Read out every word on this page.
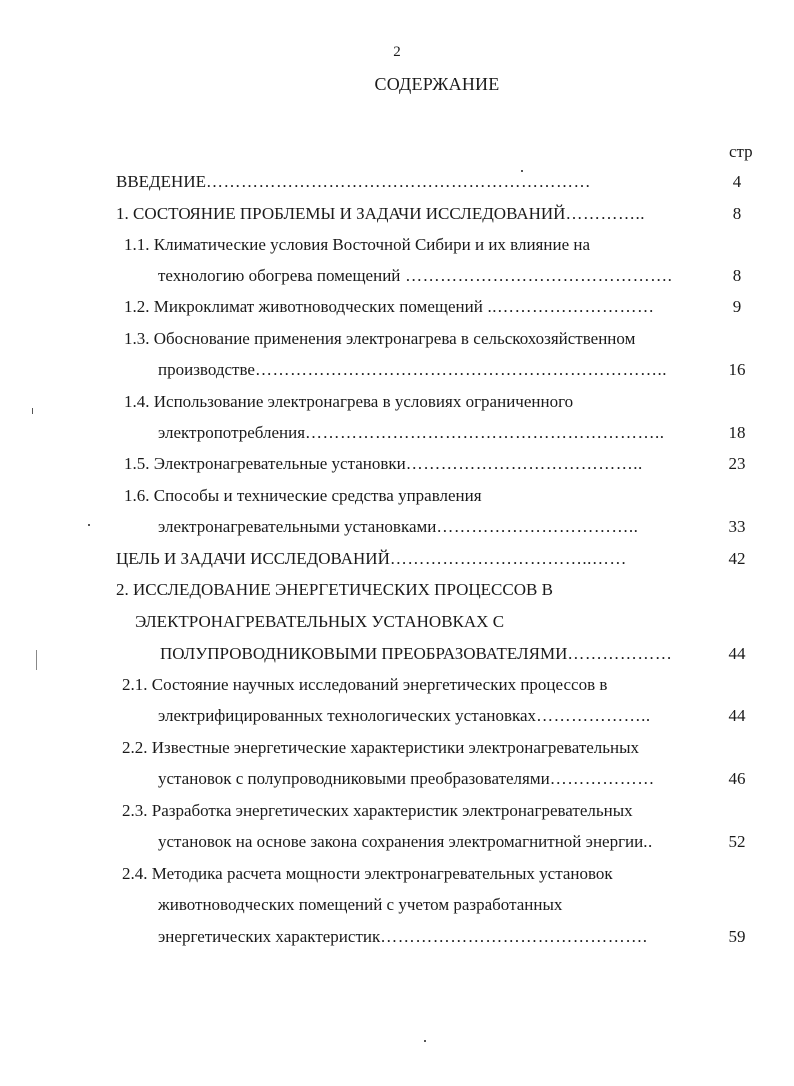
2
СОДЕРЖАНИЕ
стр
ВВЕДЕНИЕ…………………………………………………………	4
1. СОСТОЯНИЕ ПРОБЛЕМЫ И ЗАДАЧИ ИССЛЕДОВАНИЙ…………..	8
1.1. Климатические условия Восточной Сибири и их влияние на
технологию обогрева помещений ……………………………………….	8
1.2. Микроклимат животноводческих помещений ..………………………	9
1.3. Обоснование применения электронагрева в сельскохозяйственном
производстве……………………………………………………………..	16
1.4. Использование электронагрева в условиях ограниченного
электропотребления……………………………………………………..	18
1.5. Электронагревательные установки…………………………………..	23
1.6. Способы и технические средства управления
электронагревательными установками……………………………..	33
ЦЕЛЬ И ЗАДАЧИ ИССЛЕДОВАНИЙ……………………………..……	42
2. ИССЛЕДОВАНИЕ ЭНЕРГЕТИЧЕСКИХ ПРОЦЕССОВ В
ЭЛЕКТРОНАГРЕВАТЕЛЬНЫХ УСТАНОВКАХ С
ПОЛУПРОВОДНИКОВЫМИ ПРЕОБРАЗОВАТЕЛЯМИ………………	44
2.1. Состояние научных исследований энергетических процессов в
электрифицированных технологических установках………………..	44
2.2. Известные энергетические характеристики электронагревательных
установок с полупроводниковыми преобразователями………………	46
2.3. Разработка энергетических характеристик электронагревательных
установок на основе закона сохранения электромагнитной энергии..	52
2.4. Методика расчета мощности электронагревательных установок
животноводческих помещений с учетом разработанных
энергетических характеристик……………………………………….	59
